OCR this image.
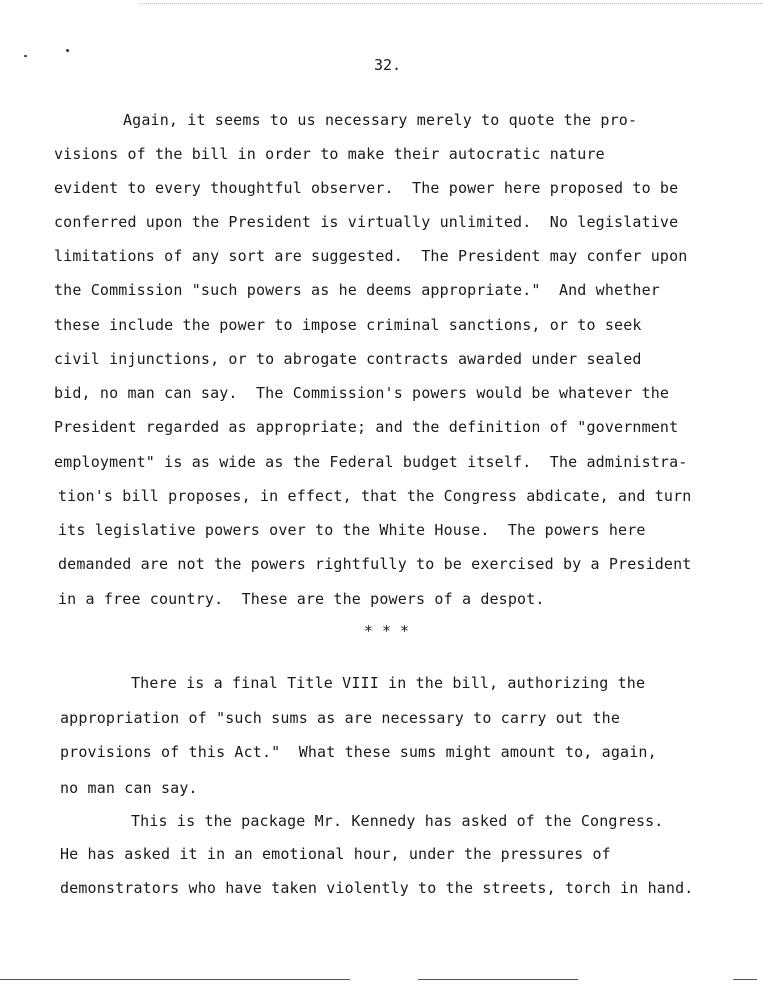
32.
Again, it seems to us necessary merely to quote the pro-
visions of the bill in order to make their autocratic nature
evident to every thoughtful observer.  The power here proposed to be
conferred upon the President is virtually unlimited.  No legislative
limitations of any sort are suggested.  The President may confer upon
the Commission "such powers as he deems appropriate."  And whether
these include the power to impose criminal sanctions, or to seek
civil injunctions, or to abrogate contracts awarded under sealed
bid, no man can say.  The Commission's powers would be whatever the
President regarded as appropriate; and the definition of "government
employment" is as wide as the Federal budget itself.  The administra-
tion's bill proposes, in effect, that the Congress abdicate, and turn
its legislative powers over to the White House.  The powers here
demanded are not the powers rightfully to be exercised by a President
in a free country.  These are the powers of a despot.
* * *
There is a final Title VIII in the bill, authorizing the
appropriation of "such sums as are necessary to carry out the
provisions of this Act."  What these sums might amount to, again,
no man can say.
This is the package Mr. Kennedy has asked of the Congress.
He has asked it in an emotional hour, under the pressures of
demonstrators who have taken violently to the streets, torch in hand.
